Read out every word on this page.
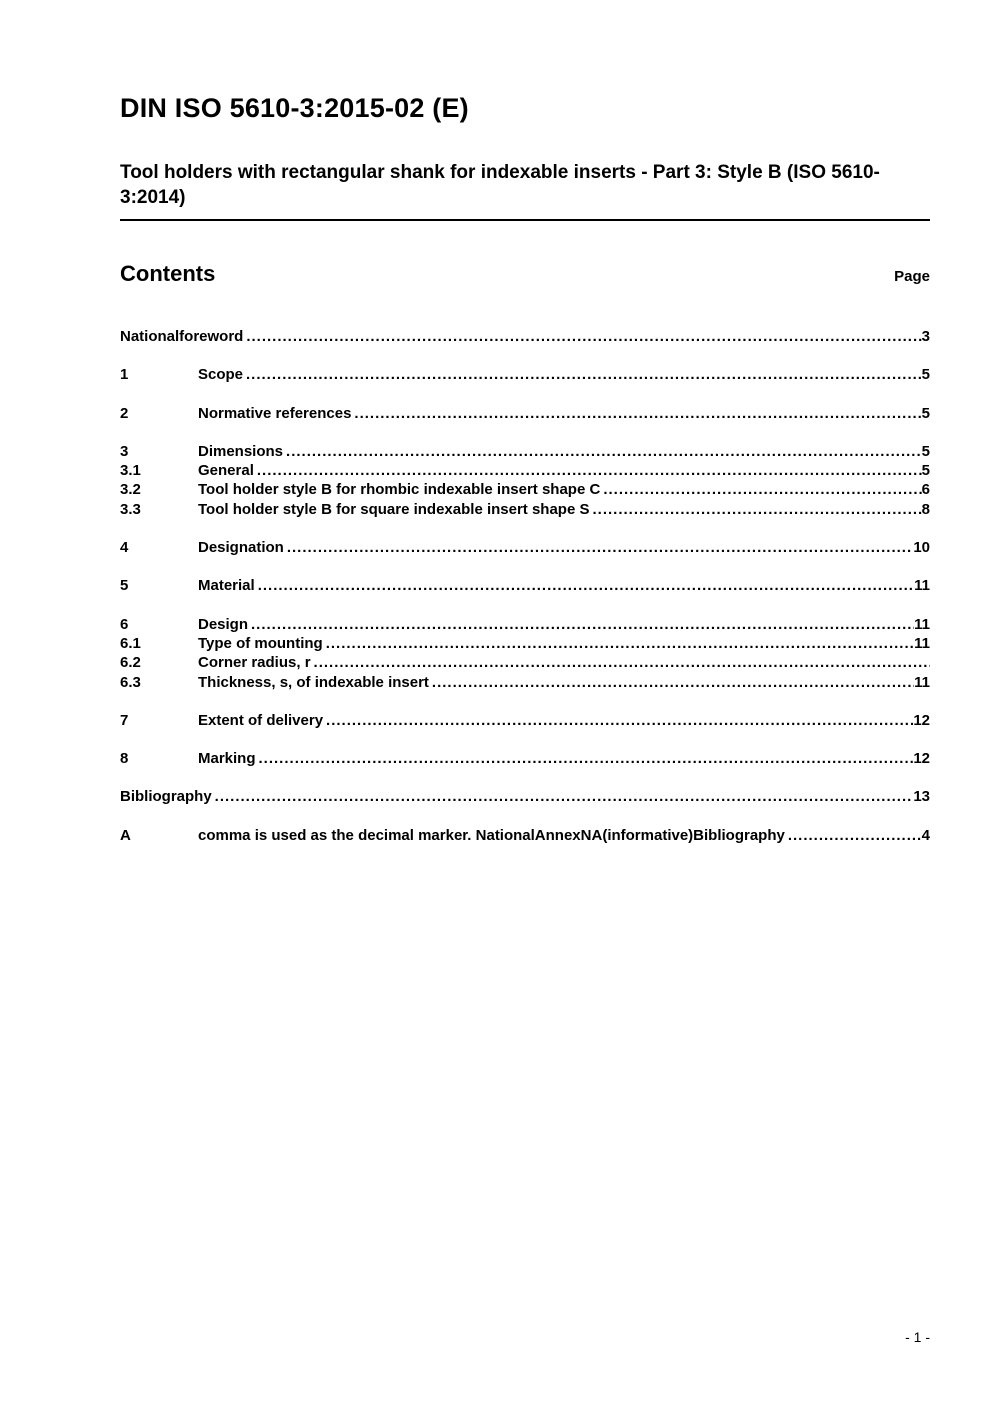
DIN ISO 5610-3:2015-02 (E)
Tool holders with rectangular shank for indexable inserts - Part 3: Style B (ISO 5610-3:2014)
Contents	Page
Nationalforeword .....	3
1	Scope .....	5
2	Normative references .....	5
3	Dimensions .....	5
3.1	General .....	5
3.2	Tool holder style B for rhombic indexable insert shape C .....	6
3.3	Tool holder style B for square indexable insert shape S .....	8
4	Designation .....	10
5	Material .....	11
6	Design .....	11
6.1	Type of mounting .....	11
6.2	Corner radius, r
.....
6.3	Thickness, s, of indexable insert .....	11
7	Extent of delivery .....	12
8	Marking .....	12
Bibliography .....	13
A	comma is used as the decimal marker. NationalAnnexNA(informative)Bibliography .....	4
- 1 -
